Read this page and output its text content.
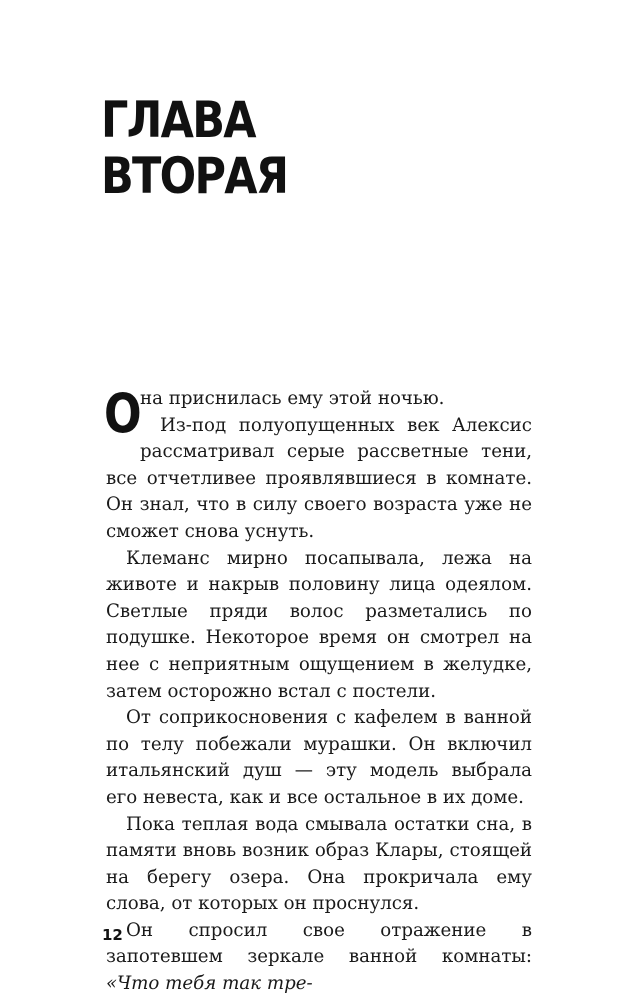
ГЛАВА
ВТОРАЯ

О
на приснилась ему этой ночью.

Из-под полуопущенных век Алексис рассматривал серые рассветные тени, все отчетливее проявлявшиеся в комнате. Он знал, что в силу своего возраста уже не сможет снова уснуть.

Клеманс мирно посапывала, лежа на животе и накрыв половину лица одеялом. Светлые пряди волос разметались по подушке. Некоторое время он смотрел на нее с неприятным ощущением в желудке, затем осторожно встал с постели.

От соприкосновения с кафелем в ванной по телу побежали мурашки. Он включил итальянский душ — эту модель выбрала его невеста, как и все остальное в их доме.

Пока теплая вода смывала остатки сна, в памяти вновь возник образ Клары, стоящей на берегу озера. Она прокричала ему слова, от которых он проснулся.

Он спросил свое отражение в запотевшем зеркале ванной комнаты: «Что тебя так тре-

12
